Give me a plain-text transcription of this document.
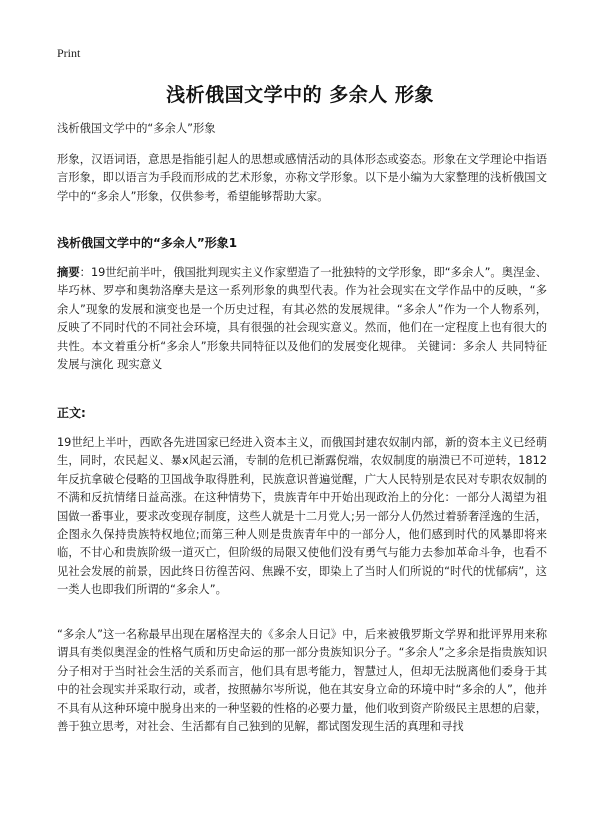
Print
浅析俄国文学中的 多余人 形象
浅析俄国文学中的“多余人”形象
形象，汉语词语，意思是指能引起人的思想或感情活动的具体形态或姿态。形象在文学理论中指语言形象，即以语言为手段而形成的艺术形象，亦称文学形象。以下是小编为大家整理的浅析俄国文学中的“多余人”形象，仅供参考，希望能够帮助大家。
浅析俄国文学中的“多余人”形象1
摘要：19世纪前半叶，俄国批判现实主义作家塑造了一批独特的文学形象，即“多余人”。奥涅金、毕巧林、罗亭和奥勃洛摩夫是这一系列形象的典型代表。作为社会现实在文学作品中的反映，“多余人”现象的发展和演变也是一个历史过程，有其必然的发展规律。“多余人”作为一个人物系列，反映了不同时代的不同社会环境，具有很强的社会现实意义。然而，他们在一定程度上也有很大的共性。本文着重分析“多余人”形象共同特征以及他们的发展变化规律。 关键词：多余人 共同特征 发展与演化 现实意义
正文:
19世纪上半叶，西欧各先进国家已经进入资本主义，而俄国封建农奴制内部，新的资本主义已经萌生，同时，农民起义、暴x风起云涌，专制的危机已渐露倪端，农奴制度的崩溃已不可逆转，1812年反抗拿破仑侵略的卫国战争取得胜利，民族意识普遍觉醒，广大人民特别是农民对专职农奴制的不满和反抗情绪日益高涨。在这种情势下，贵族青年中开始出现政治上的分化：一部分人渴望为祖国做一番事业，要求改变现存制度，这些人就是十二月党人;另一部分人仍然过着骄奢淫逸的生活，企图永久保持贵族特权地位;而第三种人则是贵族青年中的一部分人，他们感到时代的风暴即将来临，不甘心和贵族阶级一道灭亡，但阶级的局限又使他们没有勇气与能力去参加革命斗争，也看不见社会发展的前景，因此终日彷徨苦闷、焦躁不安，即染上了当时人们所说的“时代的忧郁病”，这一类人也即我们所谓的“多余人”。
“多余人”这一名称最早出现在屠格涅夫的《多余人日记》中，后来被俄罗斯文学界和批评界用来称谓具有类似奥涅金的性格气质和历史命运的那一部分贵族知识分子。“多余人”之多余是指贵族知识分子相对于当时社会生活的关系而言，他们具有思考能力，智慧过人，但却无法脱离他们委身于其中的社会现实并采取行动，或者，按照赫尔岑所说，他在其安身立命的环境中时“多余的人”，他并不具有从这种环境中脱身出来的一种坚毅的性格的必要力量，他们收到资产阶级民主思想的启蒙，善于独立思考，对社会、生活都有自己独到的见解，都试图发现生活的真理和寻找
